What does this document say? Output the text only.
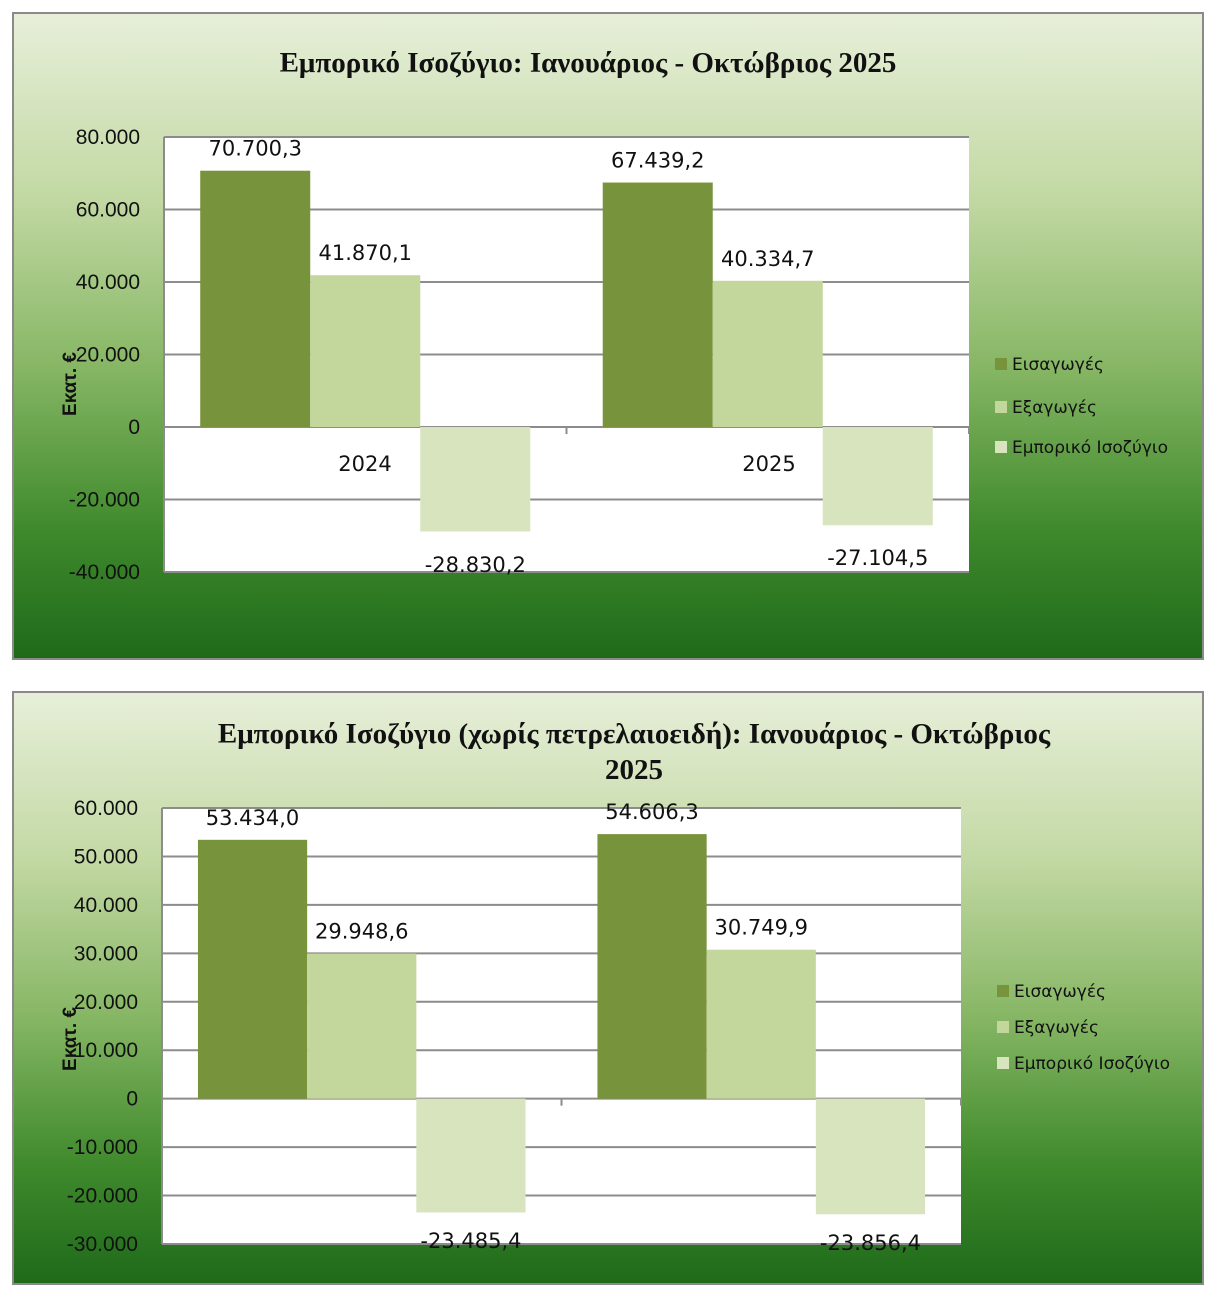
Εμπορικό Ισοζύγιο: Ιανουάριος - Οκτώβριος 2025
80.000
60.000
40.000
20.000
0
-20.000
-40.000
70.700,3	67.439,2
41.870,1	40.334,7
-28.830,2	-27.104,5
2024	2025
Εκατ. €	Εισαγωγές
Εξαγωγές
Εμπορικό Ισοζύγιο
Εμπορικό Ισοζύγιο (χωρίς πετρελαιοειδή): Ιανουάριος - Οκτώβριος
2025
60.000
50.000
40.000
30.000
20.000
10.000
0
-10.000
-20.000
-30.000
53.434,0	54.606,3
29.948,6	30.749,9
-23.485,4	-23.856,4
Εκατ. €
Εισαγωγές
Εξαγωγές
Εμπορικό Ισοζύγιο
